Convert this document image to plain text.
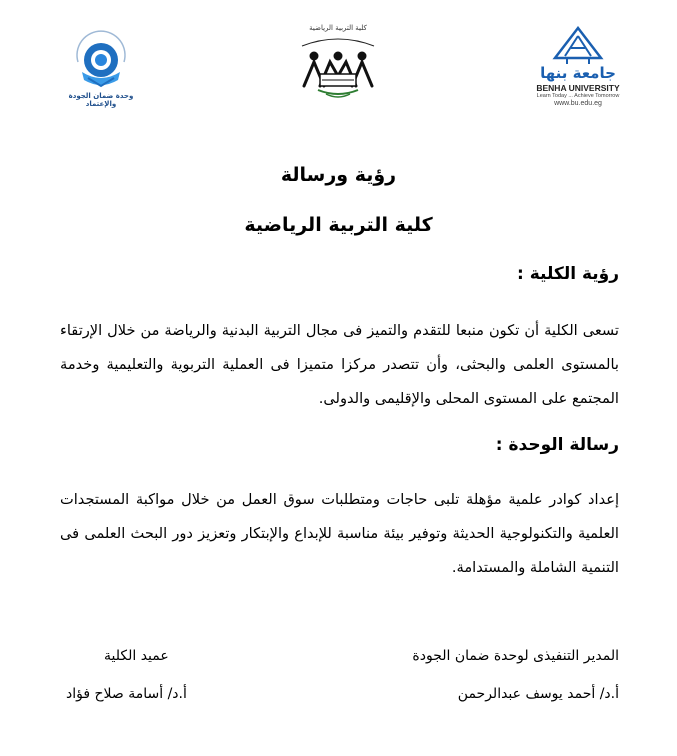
وحدة ضمان الجودة والإعتماد
كلية التربية الرياضية
جامعة بنها
BENHA UNIVERSITY
Learn Today ... Achieve Tomorrow
www.bu.edu.eg
رؤية ورسالة
كلية التربية الرياضية
رؤية الكلية :

تسعى الكلية أن تكون منبعا للتقدم والتميز فى مجال التربية البدنية والرياضة من خلال الإرتقاء بالمستوى العلمى والبحثى، وأن تتصدر مركزا متميزا فى العملية التربوية والتعليمية وخدمة المجتمع على المستوى المحلى والإقليمى والدولى.

رسالة الوحدة :

إعداد كوادر علمية مؤهلة تلبى حاجات ومتطلبات سوق العمل من خلال مواكبة المستجدات العلمية والتكنولوجية الحديثة وتوفير بيئة مناسبة للإبداع والإبتكار وتعزيز دور البحث العلمى فى التنمية الشاملة والمستدامة.

المدير التنفيذى لوحدة ضمان الجودة
أ.د/ أحمد يوسف عبدالرحمن
عميد الكلية
أ.د/ أسامة صلاح فؤاد
